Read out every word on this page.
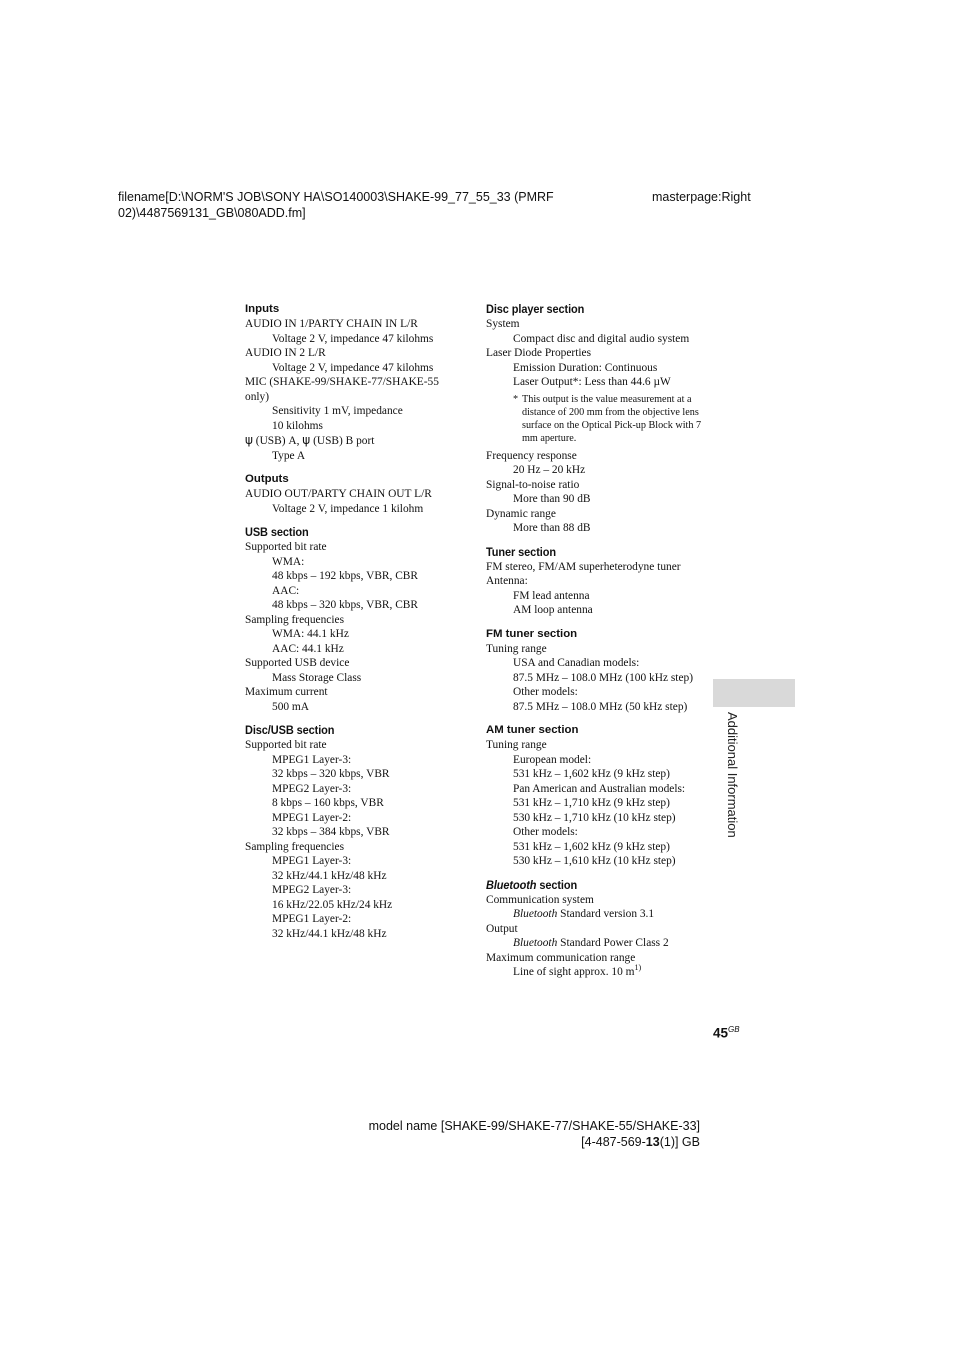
filename[D:\NORM'S JOB\SONY HA\SO140003\SHAKE-99_77_55_33 (PMRF 02)\4487569131_GB\080ADD.fm]
masterpage:Right

Inputs

AUDIO IN 1/PARTY CHAIN IN L/R
Voltage 2 V, impedance 47 kilohms
AUDIO IN 2 L/R
Voltage 2 V, impedance 47 kilohms
MIC (SHAKE-99/SHAKE-77/SHAKE-55
only)
Sensitivity 1 mV, impedance
10 kilohms
ψ (USB) A, ψ (USB) B port
Type A

Outputs

AUDIO OUT/PARTY CHAIN OUT L/R
Voltage 2 V, impedance 1 kilohm

USB section

Supported bit rate
WMA:
48 kbps – 192 kbps, VBR, CBR
AAC:
48 kbps – 320 kbps, VBR, CBR
Sampling frequencies
WMA: 44.1 kHz
AAC: 44.1 kHz
Supported USB device
Mass Storage Class
Maximum current
500 mA

Disc/USB section

Supported bit rate
MPEG1 Layer-3:
32 kbps – 320 kbps, VBR
MPEG2 Layer-3:
8 kbps – 160 kbps, VBR
MPEG1 Layer-2:
32 kbps – 384 kbps, VBR
Sampling frequencies
MPEG1 Layer-3:
32 kHz/44.1 kHz/48 kHz
MPEG2 Layer-3:
16 kHz/22.05 kHz/24 kHz
MPEG1 Layer-2:
32 kHz/44.1 kHz/48 kHz

Disc player section

System
Compact disc and digital audio system
Laser Diode Properties
Emission Duration: Continuous
Laser Output*: Less than 44.6 µW
* This output is the value measurement at a distance of 200 mm from the objective lens surface on the Optical Pick-up Block with 7 mm aperture.
Frequency response
20 Hz – 20 kHz
Signal-to-noise ratio
More than 90 dB
Dynamic range
More than 88 dB

Tuner section

FM stereo, FM/AM superheterodyne tuner
Antenna:
FM lead antenna
AM loop antenna

FM tuner section

Tuning range
USA and Canadian models:
87.5 MHz – 108.0 MHz (100 kHz step)
Other models:
87.5 MHz – 108.0 MHz (50 kHz step)

AM tuner section

Tuning range
European model:
531 kHz – 1,602 kHz (9 kHz step)
Pan American and Australian models:
531 kHz – 1,710 kHz (9 kHz step)
530 kHz – 1,710 kHz (10 kHz step)
Other models:
531 kHz – 1,602 kHz (9 kHz step)
530 kHz – 1,610 kHz (10 kHz step)

Bluetooth section

Communication system
Bluetooth Standard version 3.1
Output
Bluetooth Standard Power Class 2
Maximum communication range
Line of sight approx. 10 $m^{1)}$
Additional Information
$45^{GB}$
model name [SHAKE-99/SHAKE-77/SHAKE-55/SHAKE-33]
[4-487-569-13(1)] GB
